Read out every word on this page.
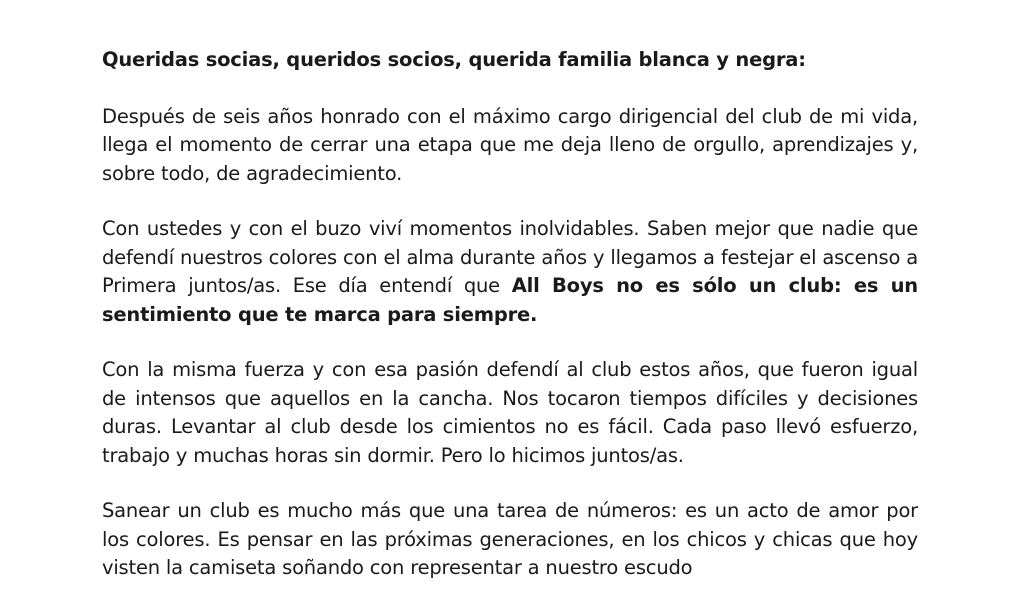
Queridas socias, queridos socios, querida familia blanca y negra:

Después de seis años honrado con el máximo cargo dirigencial del club de mi vida, llega el momento de cerrar una etapa que me deja lleno de orgullo, aprendizajes y, sobre todo, de agradecimiento.

Con ustedes y con el buzo viví momentos inolvidables. Saben mejor que nadie que defendí nuestros colores con el alma durante años y llegamos a festejar el ascenso a Primera juntos/as. Ese día entendí que All Boys no es sólo un club: es un sentimiento que te marca para siempre.

Con la misma fuerza y con esa pasión defendí al club estos años, que fueron igual de intensos que aquellos en la cancha. Nos tocaron tiempos difíciles y decisiones duras. Levantar al club desde los cimientos no es fácil. Cada paso llevó esfuerzo, trabajo y muchas horas sin dormir. Pero lo hicimos juntos/as.

Sanear un club es mucho más que una tarea de números: es un acto de amor por los colores. Es pensar en las próximas generaciones, en los chicos y chicas que hoy visten la camiseta soñando con representar a nuestro escudo
